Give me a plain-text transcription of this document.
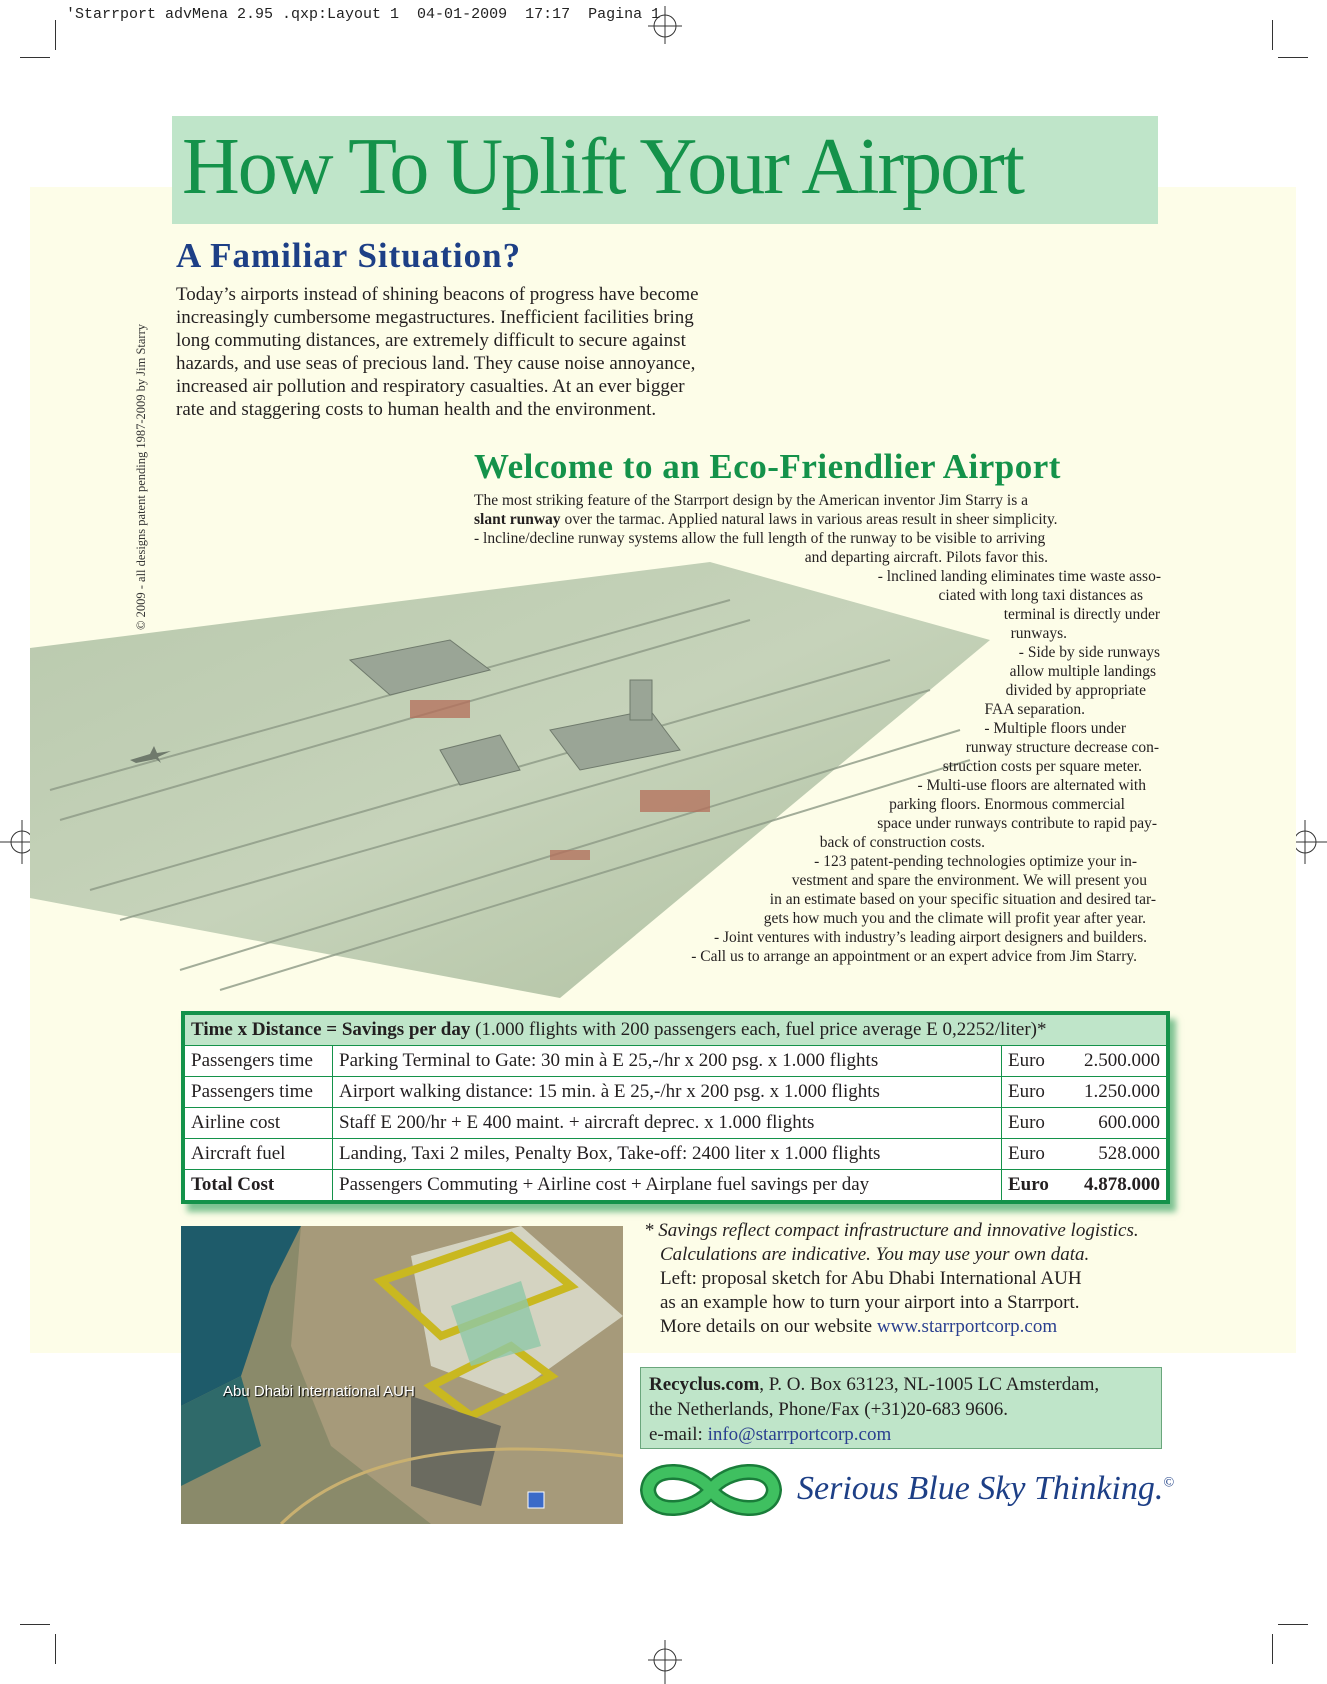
'Starrport advMena 2.95 .qxp:Layout 1  04-01-2009  17:17  Pagina 1
How To Uplift Your Airport
© 2009 - all designs patent pending 1987-2009 by Jim Starry
A Familiar Situation?
Today’s airports instead of shining beacons of progress have become
increasingly cumbersome megastructures. Inefficient facilities bring
long commuting distances, are extremely difficult to secure against
hazards, and use seas of precious land. They cause noise annoyance,
increased air pollution and respiratory casualties. At an ever bigger
rate and staggering costs to human health and the environment.
Welcome to an Eco-Friendlier Airport
The most striking feature of the Starrport design by the American inventor Jim Starry is a
slant runway over the tarmac. Applied natural laws in various areas result in sheer simplicity.
- lncline/decline runway systems allow the full length of the runway to be visible to arriving
and departing aircraft. Pilots favor this.
- lnclined landing eliminates time waste asso-
ciated with long taxi distances as
terminal is directly under
runways.
- Side by side runways
allow multiple landings
divided by appropriate
FAA separation.
- Multiple floors under
runway structure decrease con-
struction costs per square meter.
- Multi-use floors are alternated with
parking floors. Enormous commercial
space under runways contribute to rapid pay-
back of construction costs.
- 123 patent-pending technologies optimize your in-
vestment and spare the environment. We will present you
in an estimate based on your specific situation and desired tar-
gets how much you and the climate will profit year after year.
- Joint ventures with industry’s leading airport designers and builders.
- Call us to arrange an appointment or an expert advice from Jim Starry.
Time x Distance = Savings per day (1.000 flights with 200 passengers each, fuel price average E 0,2252/liter)*			
Passengers time	Parking Terminal to Gate: 30 min à E 25,-/hr x 200 psg. x 1.000 flights	Euro	2.500.000
Passengers time	Airport walking distance: 15 min. à E 25,-/hr x 200 psg. x 1.000 flights	Euro	1.250.000
Airline cost	Staff E 200/hr + E 400 maint. + aircraft deprec. x 1.000 flights	Euro	600.000
Aircraft fuel	Landing, Taxi 2 miles, Penalty Box, Take-off: 2400 liter x 1.000 flights	Euro	528.000
Total Cost	Passengers Commuting + Airline cost + Airplane fuel savings per day	Euro	4.878.000
Abu Dhabi International AUH
* Savings reflect compact infrastructure and innovative logistics.
Calculations are indicative. You may use your own data.
Left: proposal sketch for Abu Dhabi International AUH
as an example how to turn your airport into a Starrport.
More details on our website www.starrportcorp.com
Recyclus.com, P. O. Box 63123, NL-1005 LC Amsterdam,
the Netherlands, Phone/Fax (+31)20-683 9606.
e-mail: info@starrportcorp.com
Serious Blue Sky Thinking.©
